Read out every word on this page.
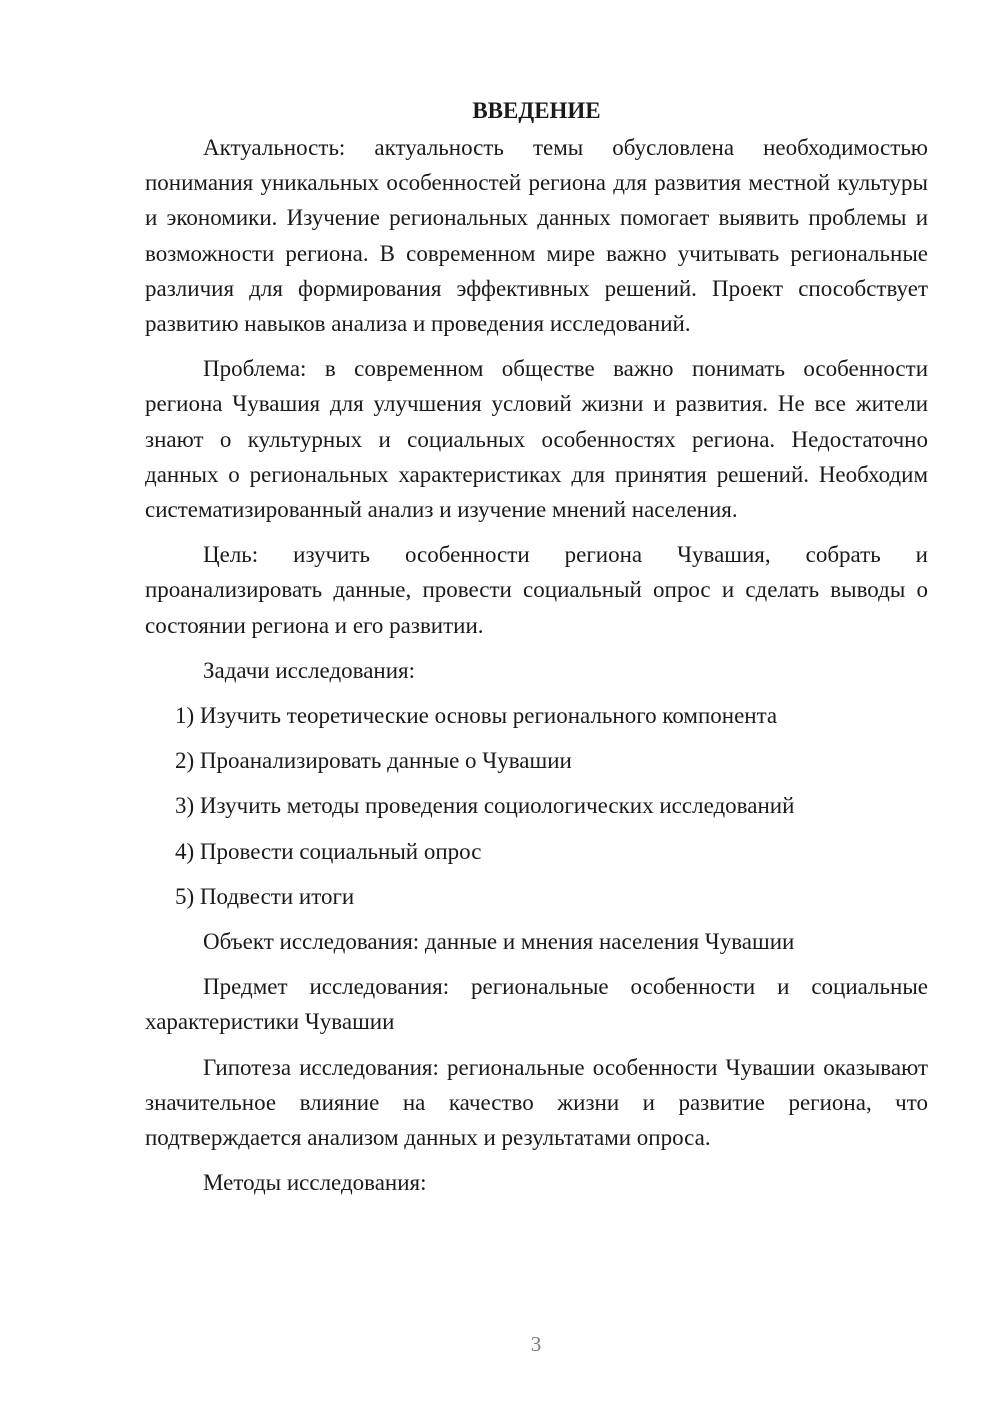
ВВЕДЕНИЕ

Актуальность: актуальность темы обусловлена необходимостью понимания уникальных особенностей региона для развития местной культуры и экономики. Изучение региональных данных помогает выявить проблемы и возможности региона. В современном мире важно учитывать региональные различия для формирования эффективных решений. Проект способствует развитию навыков анализа и проведения исследований.

Проблема: в современном обществе важно понимать особенности региона Чувашия для улучшения условий жизни и развития. Не все жители знают о культурных и социальных особенностях региона. Недостаточно данных о региональных характеристиках для принятия решений. Необходим систематизированный анализ и изучение мнений населения.

Цель: изучить особенности региона Чувашия, собрать и проанализировать данные, провести социальный опрос и сделать выводы о состоянии региона и его развитии.

Задачи исследования:

1) Изучить теоретические основы регионального компонента
2) Проанализировать данные о Чувашии
3) Изучить методы проведения социологических исследований
4) Провести социальный опрос
5) Подвести итоги

Объект исследования: данные и мнения населения Чувашии

Предмет исследования: региональные особенности и социальные характеристики Чувашии

Гипотеза исследования: региональные особенности Чувашии оказывают значительное влияние на качество жизни и развитие региона, что подтверждается анализом данных и результатами опроса.

Методы исследования:

3
